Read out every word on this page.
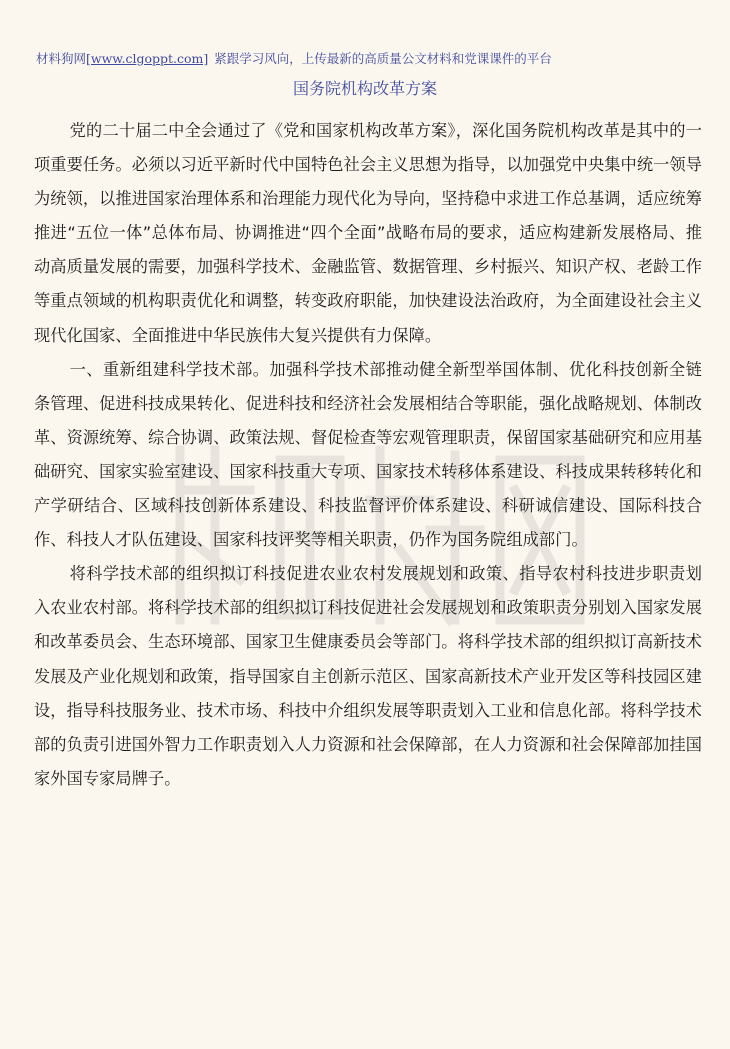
材料狗网[www.clgoppt.com] 紧跟学习风向，上传最新的高质量公文材料和党课课件的平台
国务院机构改革方案

党的二十届二中全会通过了《党和国家机构改革方案》，深化国务院机构改革是其中的一项重要任务。必须以习近平新时代中国特色社会主义思想为指导，以加强党中央集中统一领导为统领，以推进国家治理体系和治理能力现代化为导向，坚持稳中求进工作总基调，适应统筹推进“五位一体”总体布局、协调推进“四个全面”战略布局的要求，适应构建新发展格局、推动高质量发展的需要，加强科学技术、金融监管、数据管理、乡村振兴、知识产权、老龄工作等重点领域的机构职责优化和调整，转变政府职能，加快建设法治政府，为全面建设社会主义现代化国家、全面推进中华民族伟大复兴提供有力保障。

一、重新组建科学技术部。加强科学技术部推动健全新型举国体制、优化科技创新全链条管理、促进科技成果转化、促进科技和经济社会发展相结合等职能，强化战略规划、体制改革、资源统筹、综合协调、政策法规、督促检查等宏观管理职责，保留国家基础研究和应用基础研究、国家实验室建设、国家科技重大专项、国家技术转移体系建设、科技成果转移转化和产学研结合、区域科技创新体系建设、科技监督评价体系建设、科研诚信建设、国际科技合作、科技人才队伍建设、国家科技评奖等相关职责，仍作为国务院组成部门。

将科学技术部的组织拟订科技促进农业农村发展规划和政策、指导农村科技进步职责划入农业农村部。将科学技术部的组织拟订科技促进社会发展规划和政策职责分别划入国家发展和改革委员会、生态环境部、国家卫生健康委员会等部门。将科学技术部的组织拟订高新技术发展及产业化规划和政策，指导国家自主创新示范区、国家高新技术产业开发区等科技园区建设，指导科技服务业、技术市场、科技中介组织发展等职责划入工业和信息化部。将科学技术部的负责引进国外智力工作职责划入人力资源和社会保障部，在人力资源和社会保障部加挂国家外国专家局牌子。
